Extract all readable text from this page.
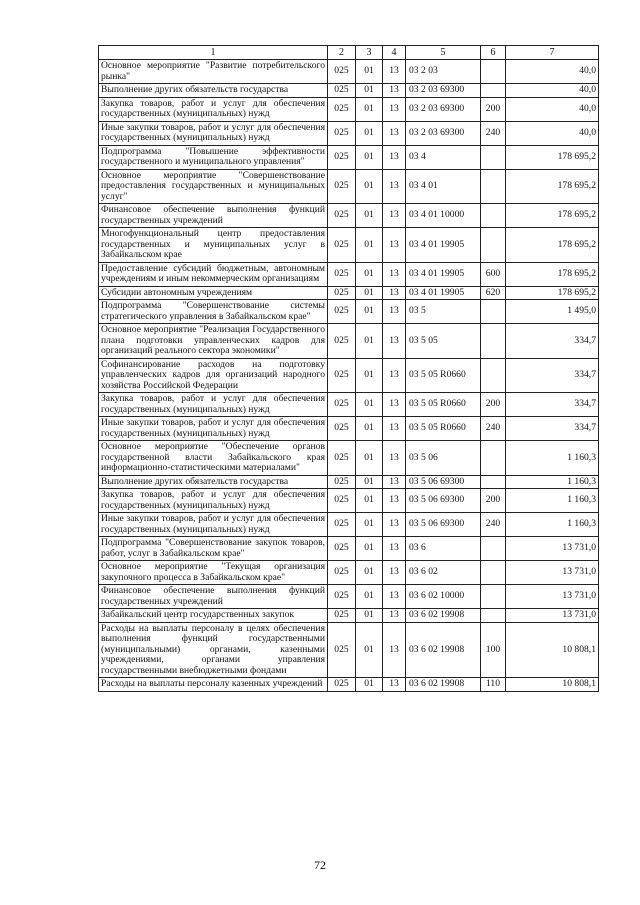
1	2	3	4	5	6	7
Основное мероприятие "Развитие потребительского рынка"	025	01	13	03 2 03		40,0
Выполнение других обязательств государства	025	01	13	03 2 03 69300		40,0
Закупка товаров, работ и услуг для обеспечения государственных (муниципальных) нужд	025	01	13	03 2 03 69300	200	40,0
Иные закупки товаров, работ и услуг для обеспечения государственных (муниципальных) нужд	025	01	13	03 2 03 69300	240	40,0
Подпрограмма "Повышение эффективности государственного и муниципального управления"	025	01	13	03 4		178 695,2
Основное мероприятие "Совершенствование предоставления государственных и муниципальных услуг"	025	01	13	03 4 01		178 695,2
Финансовое обеспечение выполнения функций государственных учреждений	025	01	13	03 4 01 10000		178 695,2
Многофункциональный центр предоставления государственных и муниципальных услуг в Забайкальском крае	025	01	13	03 4 01 19905		178 695,2
Предоставление субсидий бюджетным, автономным учреждениям и иным некоммерческим организациям	025	01	13	03 4 01 19905	600	178 695,2
Субсидии автономным учреждениям	025	01	13	03 4 01 19905	620	178 695,2
Подпрограмма "Совершенствование системы стратегического управления в Забайкальском крае"	025	01	13	03 5		1 495,0
Основное мероприятие "Реализация Государственного плана подготовки управленческих кадров для организаций реального сектора экономики"	025	01	13	03 5 05		334,7
Софинансирование расходов на подготовку управленческих кадров для организаций народного хозяйства Российской Федерации	025	01	13	03 5 05 R0660		334,7
Закупка товаров, работ и услуг для обеспечения государственных (муниципальных) нужд	025	01	13	03 5 05 R0660	200	334,7
Иные закупки товаров, работ и услуг для обеспечения государственных (муниципальных) нужд	025	01	13	03 5 05 R0660	240	334,7
Основное мероприятие "Обеспечение органов государственной власти Забайкальского края информационно-статистическими материалами"	025	01	13	03 5 06		1 160,3
Выполнение других обязательств государства	025	01	13	03 5 06 69300		1 160,3
Закупка товаров, работ и услуг для обеспечения государственных (муниципальных) нужд	025	01	13	03 5 06 69300	200	1 160,3
Иные закупки товаров, работ и услуг для обеспечения государственных (муниципальных) нужд	025	01	13	03 5 06 69300	240	1 160,3
Подпрограмма "Совершенствование закупок товаров, работ, услуг в Забайкальском крае"	025	01	13	03 6		13 731,0
Основное мероприятие "Текущая организация закупочного процесса в Забайкальском крае"	025	01	13	03 6 02		13 731,0
Финансовое обеспечение выполнения функций государственных учреждений	025	01	13	03 6 02 10000		13 731,0
Забайкальский центр государственных закупок	025	01	13	03 6 02 19908		13 731,0
Расходы на выплаты персоналу в целях обеспечения выполнения функций государственными (муниципальными) органами, казенными учреждениями, органами управления государственными внебюджетными фондами	025	01	13	03 6 02 19908	100	10 808,1
Расходы на выплаты персоналу казенных учреждений	025	01	13	03 6 02 19908	110	10 808,1
72
